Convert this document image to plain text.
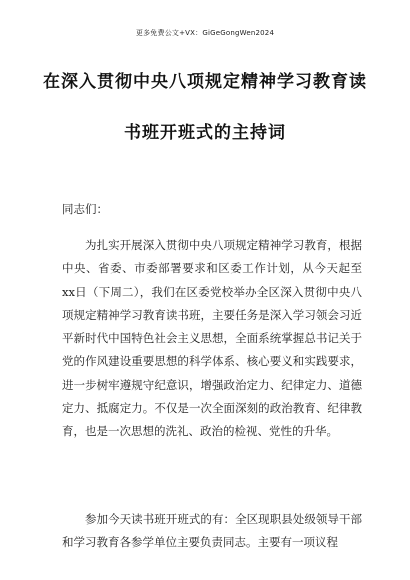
更多免费公文+VX：GiGeGongWen2024
在深入贯彻中央八项规定精神学习教育读
书班开班式的主持词
同志们：

为扎实开展深入贯彻中央八项规定精神学习教育，根据中央、省委、市委部署要求和区委工作计划，从今天起至xx日（下周二），我们在区委党校举办全区深入贯彻中央八项规定精神学习教育读书班，主要任务是深入学习领会习近平新时代中国特色社会主义思想，全面系统掌握总书记关于党的作风建设重要思想的科学体系、核心要义和实践要求，进一步树牢遵规守纪意识，增强政治定力、纪律定力、道德定力、抵腐定力。不仅是一次全面深刻的政治教育、纪律教育，也是一次思想的洗礼、政治的检视、党性的升华。

参加今天读书班开班式的有：全区现职县处级领导干部和学习教育各参学单位主要负责同志。主要有一项议程
